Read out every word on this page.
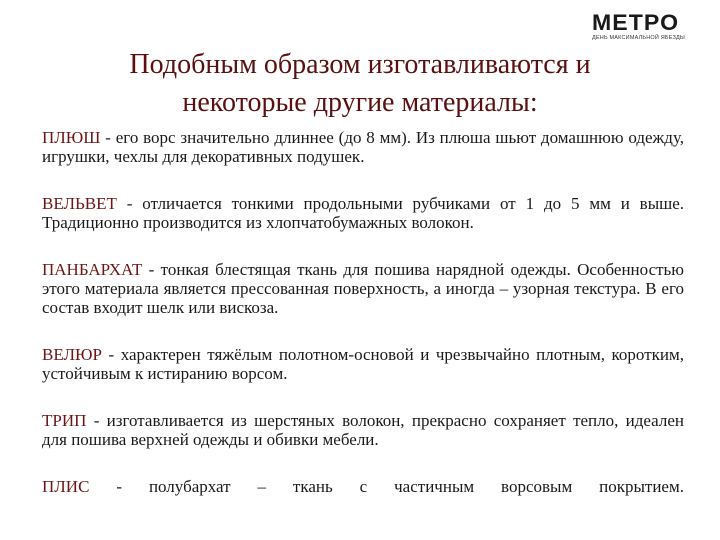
МЕТРО
ДЕНЬ МАКСИМАЛЬНОЙ ЯБЕЗДЫ
Подобным образом изготавливаются и
некоторые другие материалы:

ПЛЮШ - его ворс значительно длиннее (до 8 мм). Из плюша шьют домашнюю одежду, игрушки, чехлы для декоративных подушек.

ВЕЛЬВЕТ - отличается тонкими продольными рубчиками от 1 до 5 мм и выше. Традиционно производится из хлопчатобумажных волокон.

ПАНБАРХАТ - тонкая блестящая ткань для пошива нарядной одежды. Особенностью этого материала является прессованная поверхность, а иногда – узорная текстура. В его состав входит шелк или вискоза.

ВЕЛЮР - характерен тяжёлым полотном-основой и чрезвычайно плотным, коротким, устойчивым к истиранию ворсом.

ТРИП - изготавливается из шерстяных волокон, прекрасно сохраняет тепло, идеален для пошива верхней одежды и обивки мебели.

ПЛИС - полубархат – ткань с частичным ворсовым покрытием.
